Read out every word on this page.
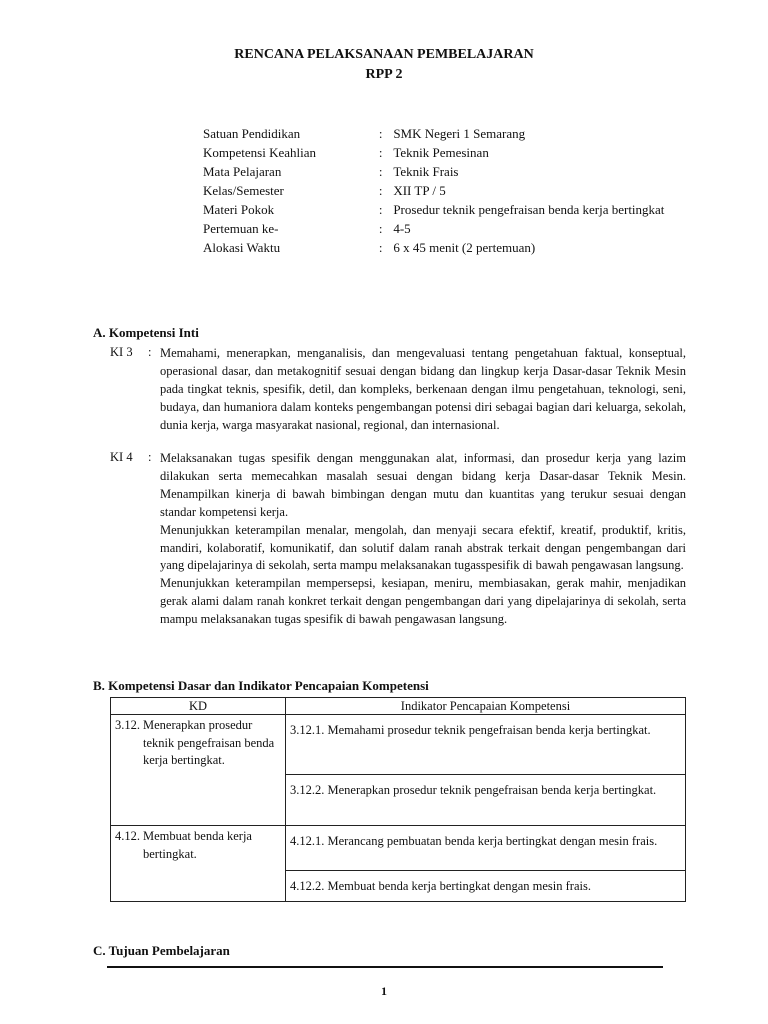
RENCANA PELAKSANAAN PEMBELAJARAN
RPP 2
Satuan Pendidikan	:	SMK Negeri 1 Semarang
Kompetensi Keahlian	:	Teknik Pemesinan
Mata Pelajaran	:	Teknik Frais
Kelas/Semester	:	XII TP / 5
Materi Pokok	:	Prosedur teknik pengefraisan benda kerja bertingkat
Pertemuan ke-	:	4-5
Alokasi Waktu	:	6 x 45 menit (2 pertemuan)
A. Kompetensi Inti
KI 3	: Memahami, menerapkan, menganalisis, dan mengevaluasi tentang pengetahuan faktual, konseptual, operasional dasar, dan metakognitif sesuai dengan bidang dan lingkup kerja Dasar-dasar Teknik Mesin pada tingkat teknis, spesifik, detil, dan kompleks, berkenaan dengan ilmu pengetahuan, teknologi, seni, budaya, dan humaniora dalam konteks pengembangan potensi diri sebagai bagian dari keluarga, sekolah, dunia kerja, warga masyarakat nasional, regional, dan internasional.

KI 4	: Melaksanakan tugas spesifik dengan menggunakan alat, informasi, dan prosedur kerja yang lazim dilakukan serta memecahkan masalah sesuai dengan bidang kerja Dasar-dasar Teknik Mesin. Menampilkan kinerja di bawah bimbingan dengan mutu dan kuantitas yang terukur sesuai dengan standar kompetensi kerja.

Menunjukkan keterampilan menalar, mengolah, dan menyaji secara efektif, kreatif, produktif, kritis, mandiri, kolaboratif, komunikatif, dan solutif dalam ranah abstrak terkait dengan pengembangan dari yang dipelajarinya di sekolah, serta mampu melaksanakan tugasspesifik di bawah pengawasan langsung.

Menunjukkan keterampilan mempersepsi, kesiapan, meniru, membiasakan, gerak mahir, menjadikan gerak alami dalam ranah konkret terkait dengan pengembangan dari yang dipelajarinya di sekolah, serta mampu melaksanakan tugas spesifik di bawah pengawasan langsung.

B. Kompetensi Dasar dan Indikator Pencapaian Kompetensi
KD	Indikator Pencapaian Kompetensi

3.12. Menerapkan prosedur teknik pengefraisan benda kerja bertingkat.	3.12.1. Memahami prosedur teknik pengefraisan benda kerja bertingkat.

	3.12.2. Menerapkan prosedur teknik pengefraisan benda kerja bertingkat.

4.12. Membuat benda kerja bertingkat.	4.12.1. Merancang pembuatan benda kerja bertingkat dengan mesin frais.

	4.12.2. Membuat benda kerja bertingkat dengan mesin frais.
C. Tujuan Pembelajaran
1
